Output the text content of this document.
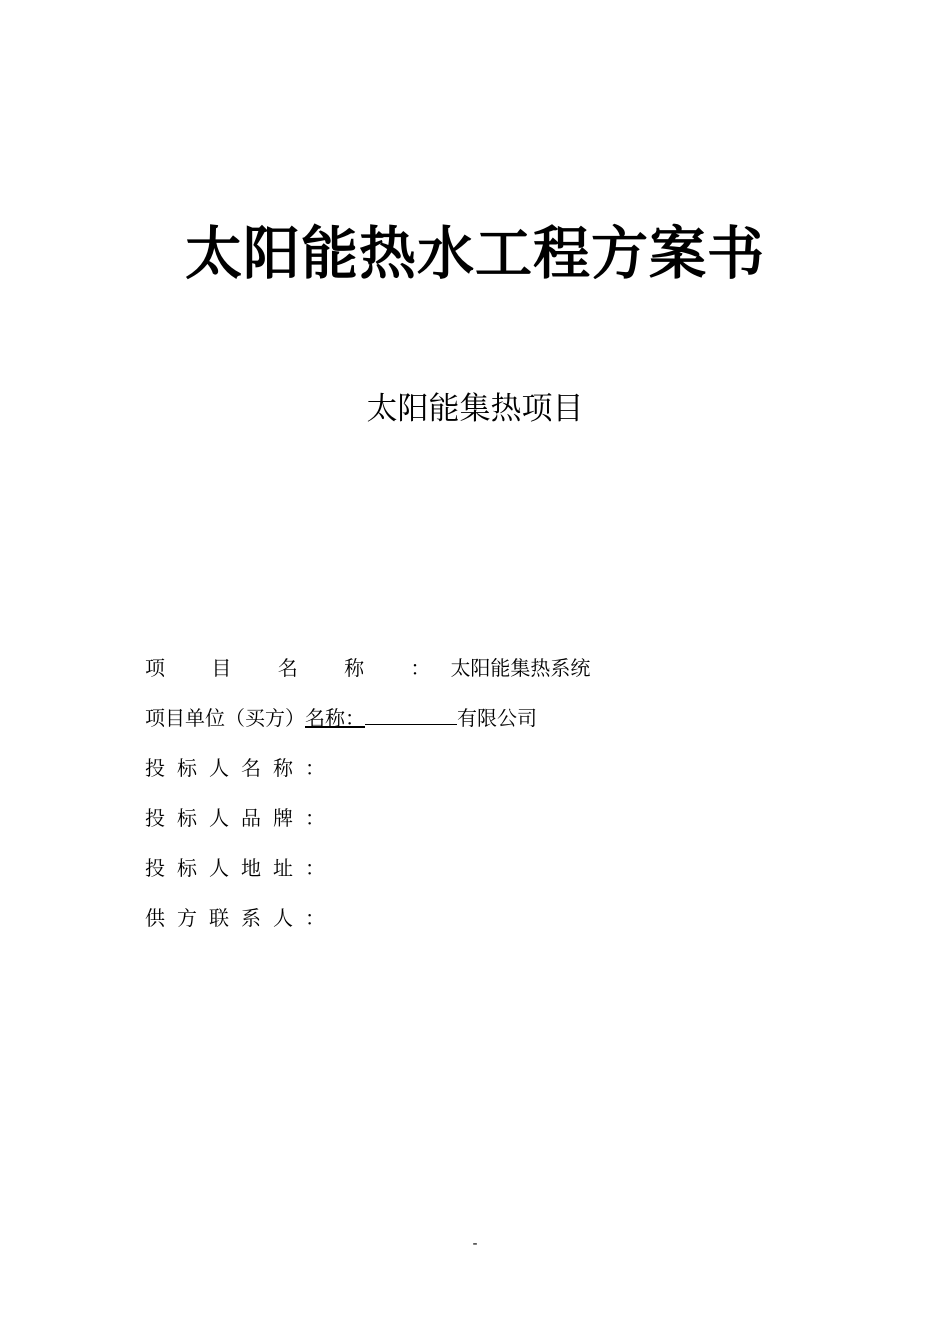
太阳能热水工程方案书
太阳能集热项目
项 目 名 称 ：太阳能集热系统
项目单位（买方）名称：	有限公司
投标人名称：
投标人品牌：
投标人地址：
供方联系人：
-
